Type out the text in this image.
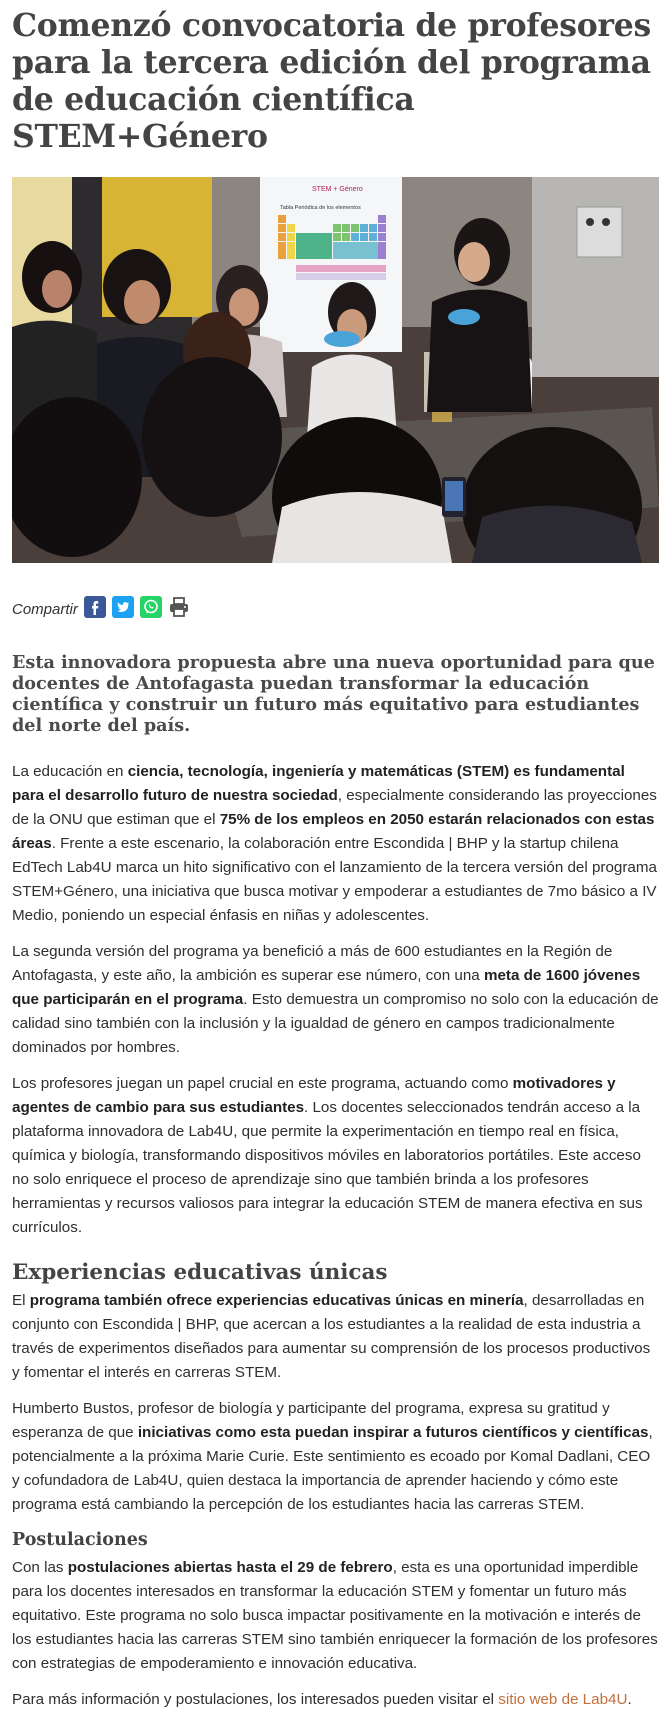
Comenzó convocatoria de profesores para la tercera edición del programa de educación científica STEM+Género
STEM + Género
Tabla Periódica de los elementos
Compartir

Esta innovadora propuesta abre una nueva oportunidad para que docentes de Antofagasta puedan transformar la educación científica y construir un futuro más equitativo para estudiantes del norte del país.

La educación en ciencia, tecnología, ingeniería y matemáticas (STEM) es fundamental para el desarrollo futuro de nuestra sociedad, especialmente considerando las proyecciones de la ONU que estiman que el 75% de los empleos en 2050 estarán relacionados con estas áreas. Frente a este escenario, la colaboración entre Escondida | BHP y la startup chilena EdTech Lab4U marca un hito significativo con el lanzamiento de la tercera versión del programa STEM+Género, una iniciativa que busca motivar y empoderar a estudiantes de 7mo básico a IV Medio, poniendo un especial énfasis en niñas y adolescentes.

La segunda versión del programa ya benefició a más de 600 estudiantes en la Región de Antofagasta, y este año, la ambición es superar ese número, con una meta de 1600 jóvenes que participarán en el programa. Esto demuestra un compromiso no solo con la educación de calidad sino también con la inclusión y la igualdad de género en campos tradicionalmente dominados por hombres.

Los profesores juegan un papel crucial en este programa, actuando como motivadores y agentes de cambio para sus estudiantes. Los docentes seleccionados tendrán acceso a la plataforma innovadora de Lab4U, que permite la experimentación en tiempo real en física, química y biología, transformando dispositivos móviles en laboratorios portátiles. Este acceso no solo enriquece el proceso de aprendizaje sino que también brinda a los profesores herramientas y recursos valiosos para integrar la educación STEM de manera efectiva en sus currículos.

Experiencias educativas únicas

El programa también ofrece experiencias educativas únicas en minería, desarrolladas en conjunto con Escondida | BHP, que acercan a los estudiantes a la realidad de esta industria a través de experimentos diseñados para aumentar su comprensión de los procesos productivos y fomentar el interés en carreras STEM.

Humberto Bustos, profesor de biología y participante del programa, expresa su gratitud y esperanza de que iniciativas como esta puedan inspirar a futuros científicos y científicas, potencialmente a la próxima Marie Curie. Este sentimiento es ecoado por Komal Dadlani, CEO y cofundadora de Lab4U, quien destaca la importancia de aprender haciendo y cómo este programa está cambiando la percepción de los estudiantes hacia las carreras STEM.

Postulaciones

Con las postulaciones abiertas hasta el 29 de febrero, esta es una oportunidad imperdible para los docentes interesados en transformar la educación STEM y fomentar un futuro más equitativo. Este programa no solo busca impactar positivamente en la motivación e interés de los estudiantes hacia las carreras STEM sino también enriquecer la formación de los profesores con estrategias de empoderamiento e innovación educativa.

Para más información y postulaciones, los interesados pueden visitar el sitio web de Lab4U.
